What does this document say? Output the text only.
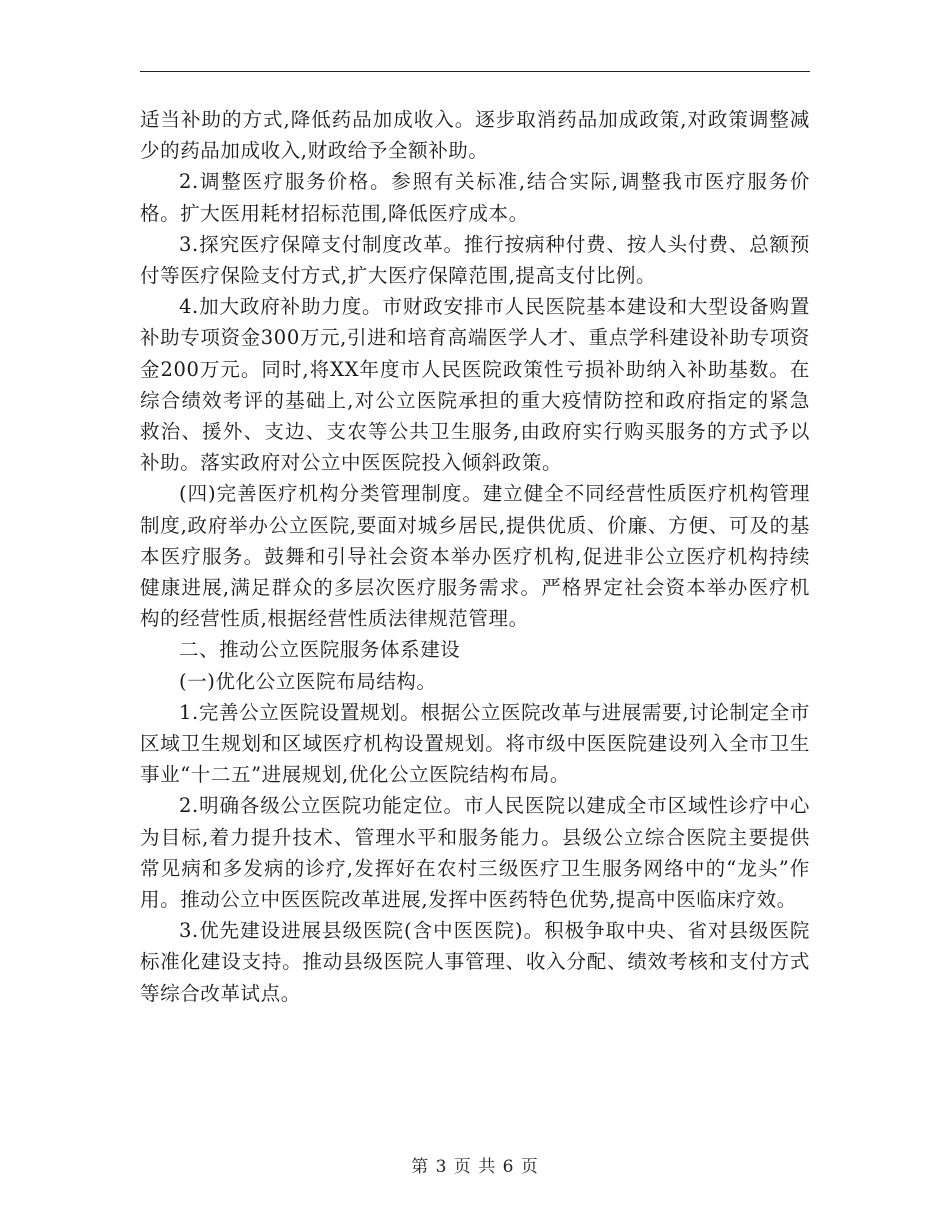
适当补助的方式,降低药品加成收入。逐步取消药品加成政策,对政策调整减少的药品加成收入,财政给予全额补助。

2.调整医疗服务价格。参照有关标准,结合实际,调整我市医疗服务价格。扩大医用耗材招标范围,降低医疗成本。

3.探究医疗保障支付制度改革。推行按病种付费、按人头付费、总额预付等医疗保险支付方式,扩大医疗保障范围,提高支付比例。

4.加大政府补助力度。市财政安排市人民医院基本建设和大型设备购置补助专项资金300万元,引进和培育高端医学人才、重点学科建设补助专项资金200万元。同时,将XX年度市人民医院政策性亏损补助纳入补助基数。在综合绩效考评的基础上,对公立医院承担的重大疫情防控和政府指定的紧急救治、援外、支边、支农等公共卫生服务,由政府实行购买服务的方式予以补助。落实政府对公立中医医院投入倾斜政策。

(四)完善医疗机构分类管理制度。建立健全不同经营性质医疗机构管理制度,政府举办公立医院,要面对城乡居民,提供优质、价廉、方便、可及的基本医疗服务。鼓舞和引导社会资本举办医疗机构,促进非公立医疗机构持续健康进展,满足群众的多层次医疗服务需求。严格界定社会资本举办医疗机构的经营性质,根据经营性质法律规范管理。

二、推动公立医院服务体系建设

(一)优化公立医院布局结构。

1.完善公立医院设置规划。根据公立医院改革与进展需要,讨论制定全市区域卫生规划和区域医疗机构设置规划。将市级中医医院建设列入全市卫生事业“十二五”进展规划,优化公立医院结构布局。

2.明确各级公立医院功能定位。市人民医院以建成全市区域性诊疗中心为目标,着力提升技术、管理水平和服务能力。县级公立综合医院主要提供常见病和多发病的诊疗,发挥好在农村三级医疗卫生服务网络中的“龙头”作用。推动公立中医医院改革进展,发挥中医药特色优势,提高中医临床疗效。

3.优先建设进展县级医院(含中医医院)。积极争取中央、省对县级医院标准化建设支持。推动县级医院人事管理、收入分配、绩效考核和支付方式等综合改革试点。

第 3 页 共 6 页
